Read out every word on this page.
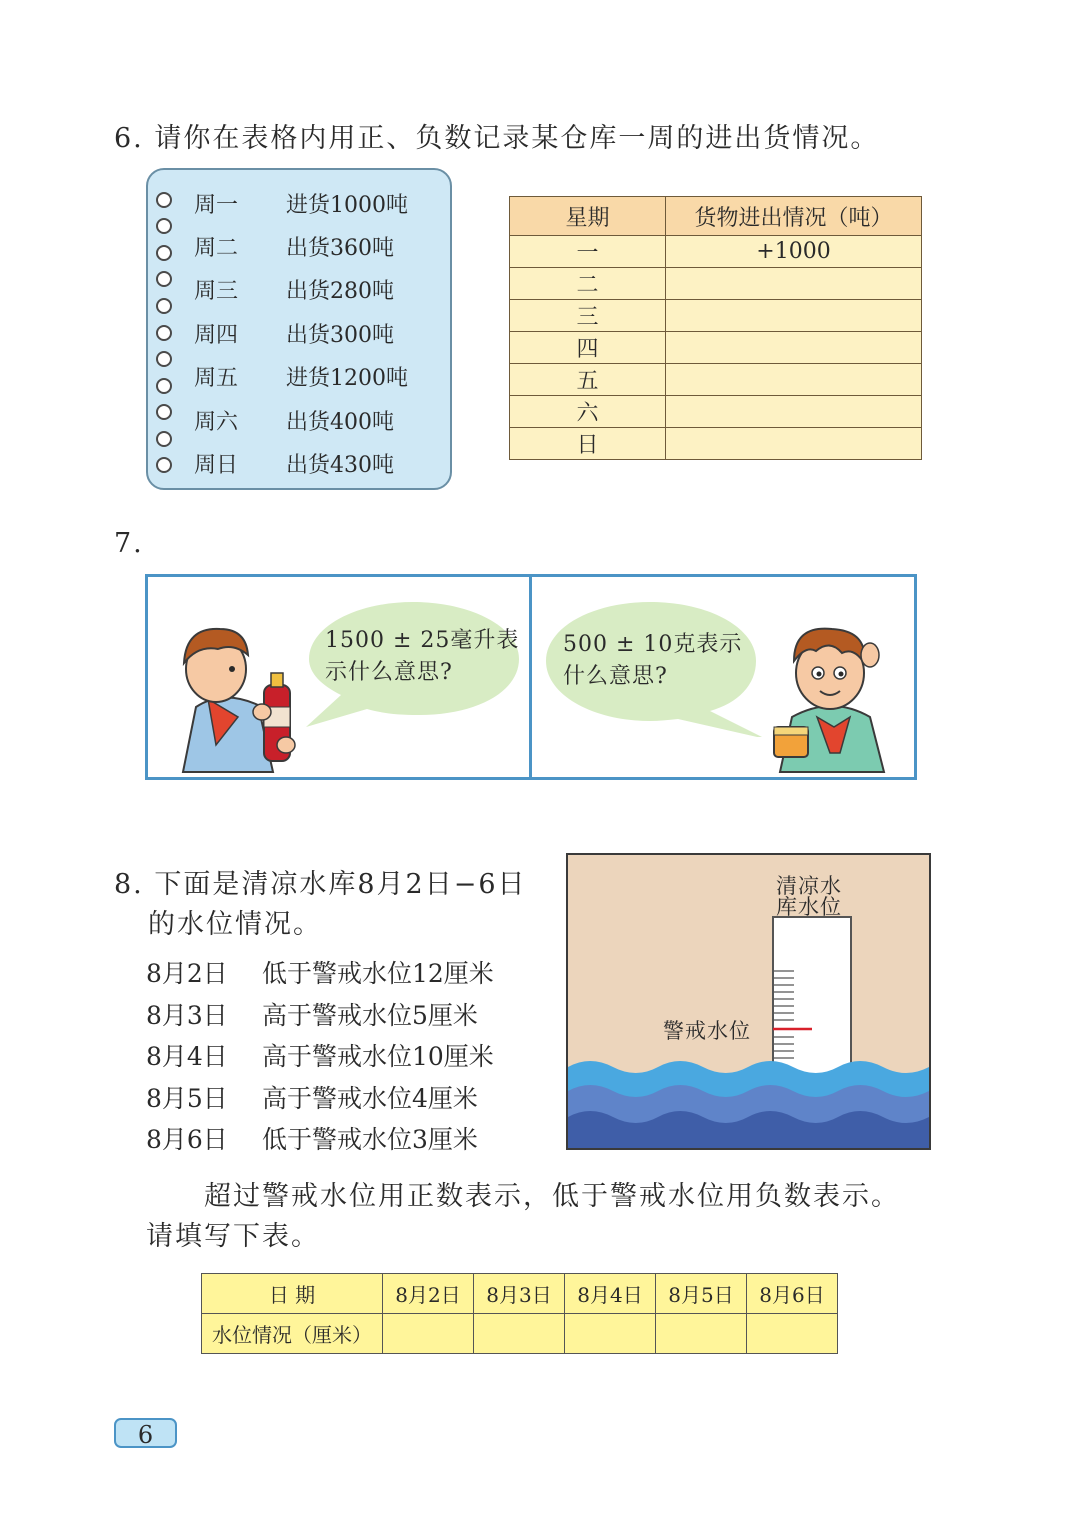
6. 请你在表格内用正、负数记录某仓库一周的进出货情况。
周一 进货1000吨
周二 出货360吨
周三 出货280吨
周四 出货300吨
周五 进货1200吨
周六 出货400吨
周日 出货430吨
星期	货物进出情况（吨）
一	+1000
二	
三	
四	
五	
六	
日	
7.
1500 ± 25毫升表
示什么意思?
500 ± 10克表示
什么意思?
8. 下面是清凉水库8月2日−6日
的水位情况。
8月2日 低于警戒水位12厘米
8月3日 高于警戒水位5厘米
8月4日 高于警戒水位10厘米
8月5日 高于警戒水位4厘米
8月6日 低于警戒水位3厘米
清凉水
库水位
警戒水位
超过警戒水位用正数表示，低于警戒水位用负数表示。
请填写下表。
日 期	8月2日	8月3日	8月4日	8月5日	8月6日
水位情况（厘米）					
6
